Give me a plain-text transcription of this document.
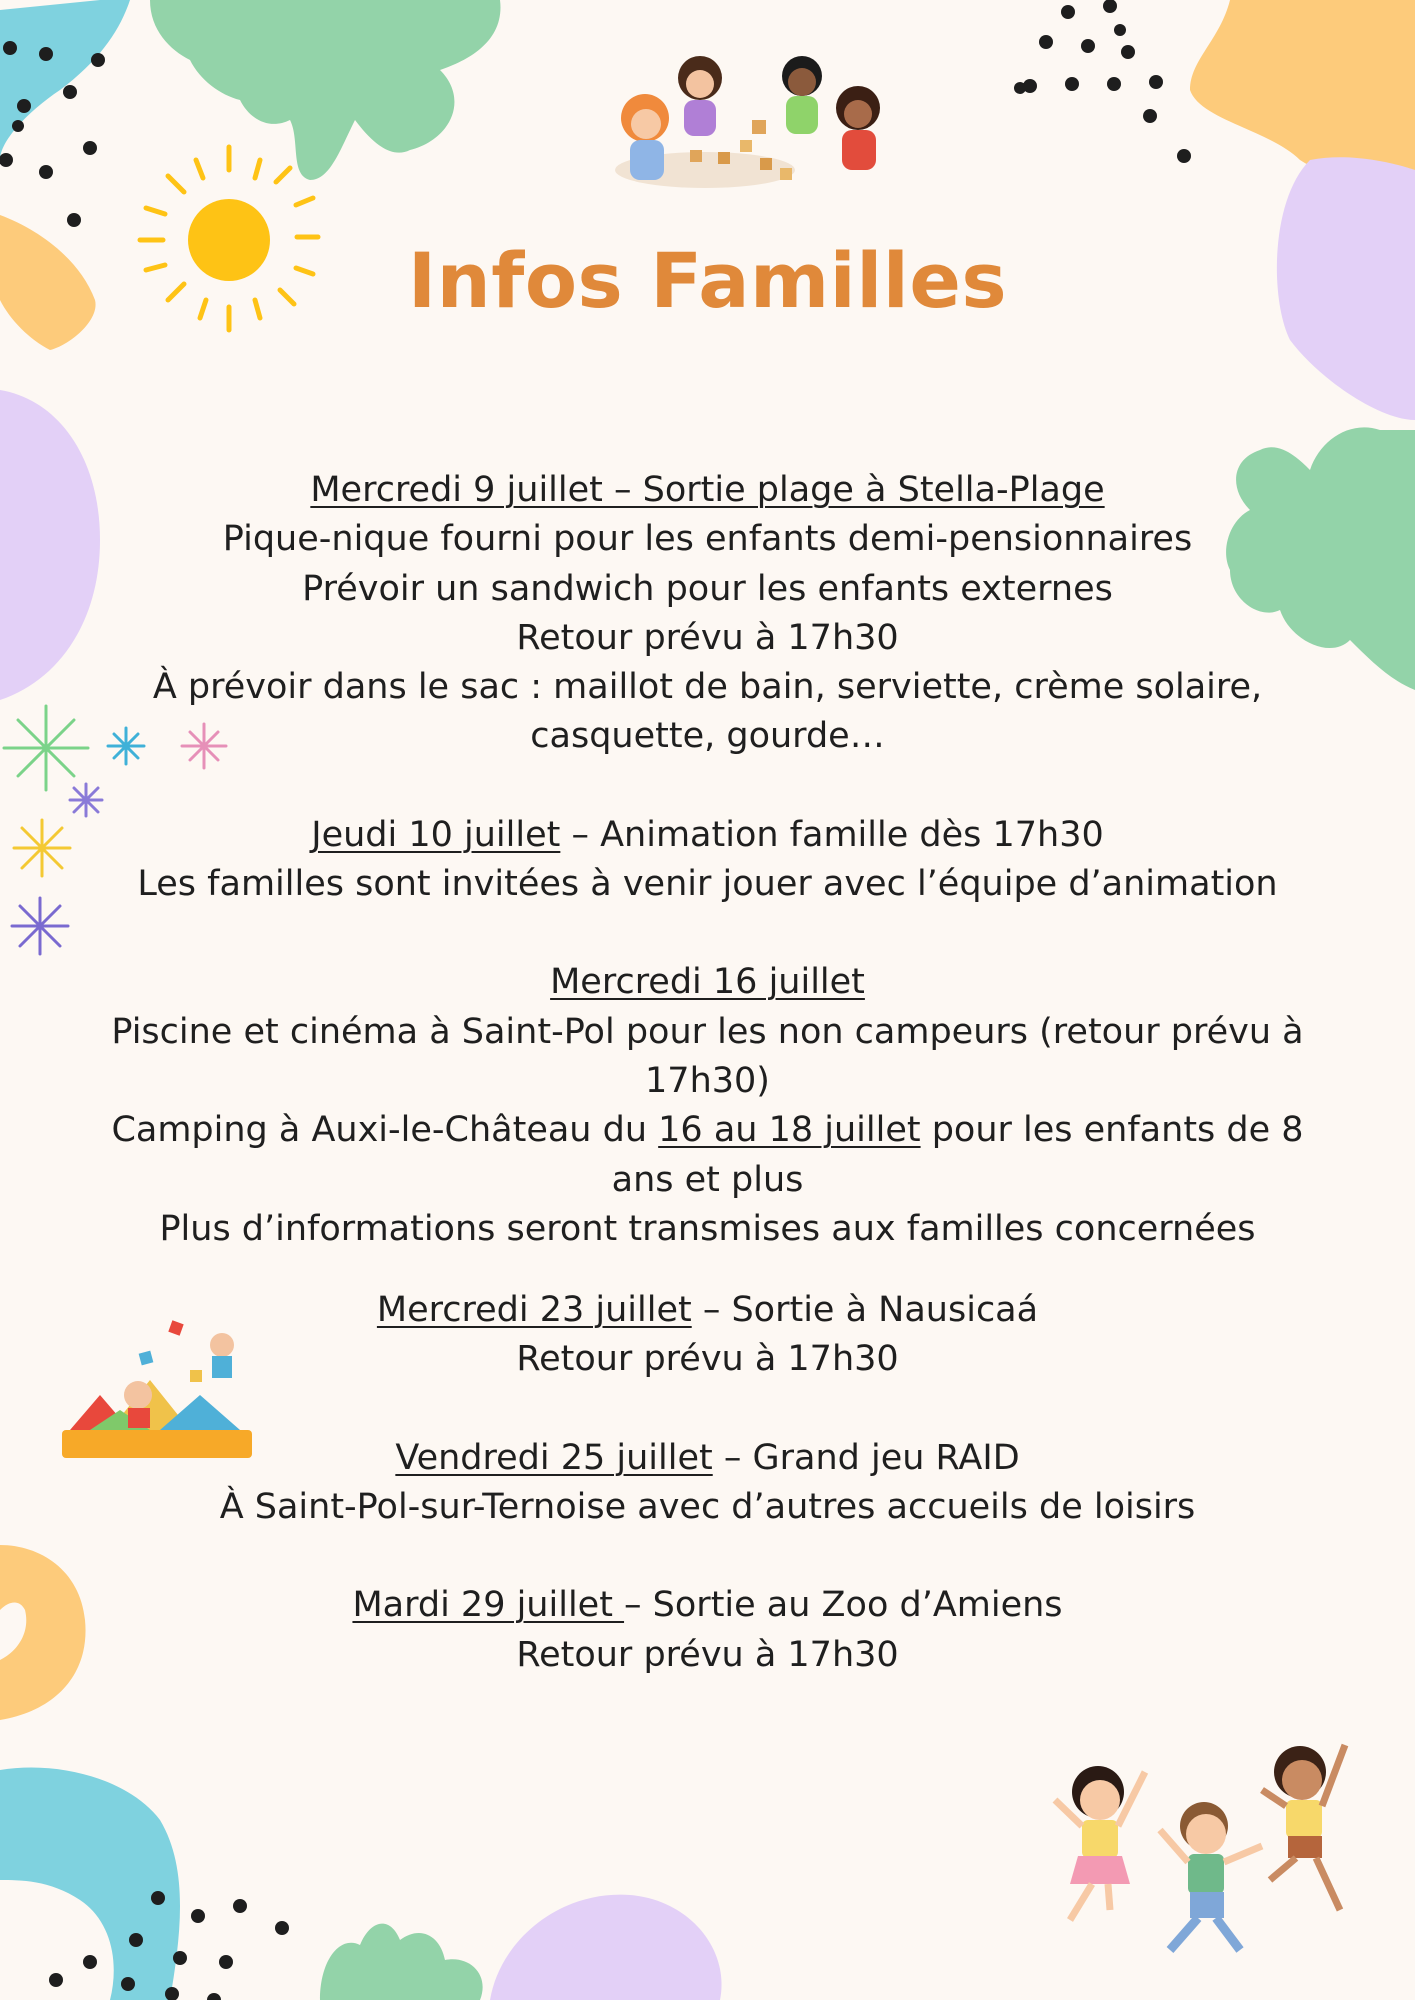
Infos Familles
Mercredi 9 juillet – Sortie plage à Stella-Plage
Pique-nique fourni pour les enfants demi-pensionnaires
Prévoir un sandwich pour les enfants externes
Retour prévu à 17h30
À prévoir dans le sac : maillot de bain, serviette, crème solaire,
casquette, gourde…
Jeudi 10 juillet – Animation famille dès 17h30
Les familles sont invitées à venir jouer avec l’équipe d’animation
Mercredi 16 juillet
Piscine et cinéma à Saint-Pol pour les non campeurs (retour prévu à
17h30)
Camping à Auxi-le-Château du 16 au 18 juillet pour les enfants de 8
ans et plus
Plus d’informations seront transmises aux familles concernées
Mercredi 23 juillet – Sortie à Nausicaá
Retour prévu à 17h30
Vendredi 25 juillet – Grand jeu RAID
À Saint-Pol-sur-Ternoise avec d’autres accueils de loisirs
Mardi 29 juillet – Sortie au Zoo d’Amiens
Retour prévu à 17h30
